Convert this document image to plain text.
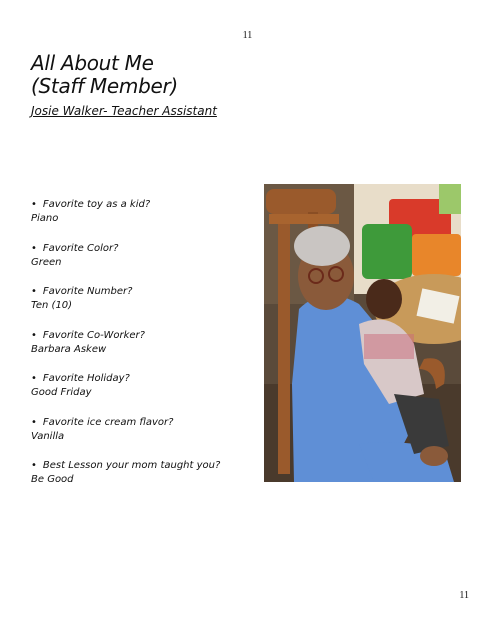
11
All About Me
(Staff Member)
Josie Walker- Teacher Assistant
• Favorite toy as a kid?
Piano
• Favorite Color?
Green
• Favorite Number?
Ten (10)
• Favorite Co-Worker?
Barbara Askew
• Favorite Holiday?
Good Friday
• Favorite ice cream flavor?
Vanilla
• Best Lesson your mom taught you?
Be Good
11
